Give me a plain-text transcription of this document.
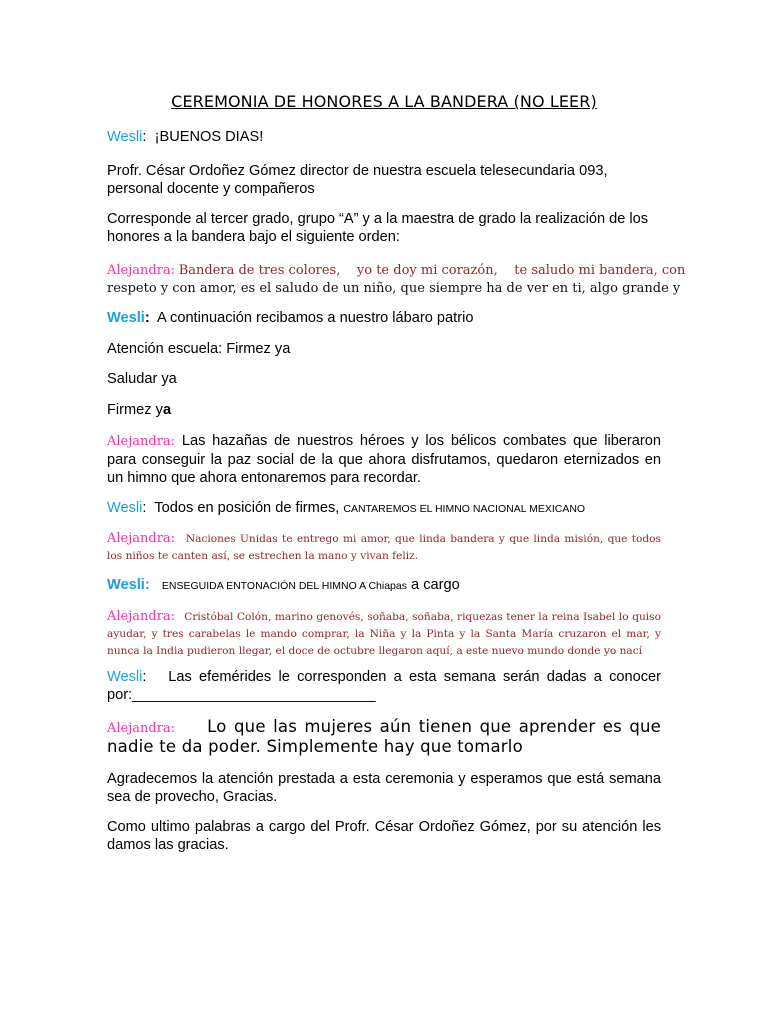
CEREMONIA DE HONORES A LA BANDERA (NO LEER)
Wesli: ¡BUENOS DIAS!
Profr. César Ordoñez Gómez director de nuestra escuela telesecundaria 093, personal docente y compañeros
Corresponde al tercer grado, grupo “A” y a la maestra de grado la realización de los honores a la bandera bajo el siguiente orden:
Alejandra: Bandera de tres colores,    yo te doy mi corazón,    te saludo mi bandera, con
respeto y con amor, es el saludo de un niño, que siempre ha de ver en ti, algo grande y
Wesli: A continuación recibamos a nuestro lábaro patrio
Atención escuela: Firmez ya
Saludar ya
Firmez ya
Alejandra: Las hazañas de nuestros héroes y los bélicos combates que liberaron para conseguir la paz social de la que ahora disfrutamos, quedaron eternizados en un himno que ahora entonaremos para recordar.
Wesli: Todos en posición de firmes, CANTAREMOS EL HIMNO NACIONAL MEXICANO
Alejandra: Naciones Unidas te entrego mi amor, que linda bandera y que linda misión, que todos los niños te canten así, se estrechen la mano y vivan feliz.
Wesli: ENSEGUIDA ENTONACIÓN DEL HIMNO A Chiapas a cargo
Alejandra: Cristóbal Colón, marino genovés, soñaba, soñaba, riquezas tener la reina Isabel lo quiso ayudar, y tres carabelas le mando comprar, la Niña y la Pinta y la Santa María cruzaron el mar, y nunca la India pudieron llegar, el doce de octubre llegaron aquí, a este nuevo mundo donde yo nací
Wesli: Las efemérides le corresponden a esta semana serán dadas a conocer por:______________________________
Alejandra: Lo que las mujeres aún tienen que aprender es que nadie te da poder. Simplemente hay que tomarlo
Agradecemos la atención prestada a esta ceremonia y esperamos que está semana sea de provecho, Gracias.
Como ultimo palabras a cargo del Profr. César Ordoñez Gómez, por su atención les damos las gracias.
